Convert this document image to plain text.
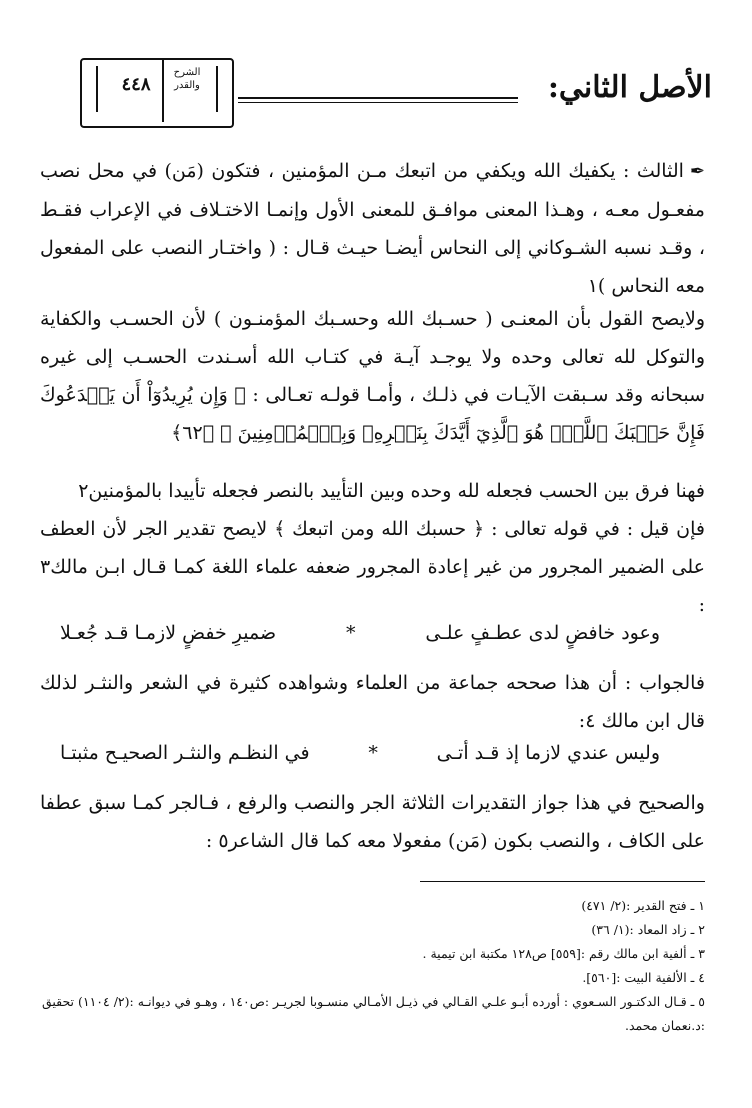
الأصل الثاني:
٤٤٨
الشرح والقدر

✒الثالث : يكفيك الله ويكفي من اتبعك مـن المؤمنين ، فتكون (مَن) في محل نصب مفعـول معـه ، وهـذا المعنى موافـق للمعنى الأول وإنمـا الاختـلاف في الإعراب فقـط ، وقـد نسبه الشـوكاني إلى النحاس أيضـا حيـث قـال : ( واختـار النصب على المفعول معه النحاس )١

ولايصح القول بأن المعنـى ( حسـبك الله وحسـبك المؤمنـون ) لأن الحسـب والكفاية والتوكل لله تعالى وحده ولا يوجـد آيـة في كتـاب الله أسـندت الحسـب إلى غيره سبحانه وقد سـبقت الآيـات في ذلـك ، وأمـا قولـه تعـالى : ﴿ وَإِن يُرِيدُوٓاْ أَن يَخۡدَعُوكَ فَإِنَّ حَسۡبَكَ ٱللَّهُۚ هُوَ ٱلَّذِيٓ أَيَّدَكَ بِنَصۡرِهِۦ وَبِٱلۡمُؤۡمِنِينَ ﴾ ﴿٦٢﴾

فهنا فرق بين الحسب فجعله لله وحده وبين التأييد بالنصر فجعله تأييدا بالمؤمنين٢

فإن قيل : في قوله تعالى : ﴿ حسبك الله ومن اتبعك ﴾ لايصح تقدير الجر لأن العطف على الضمير المجرور من غير إعادة المجرور ضعفه علماء اللغة كمـا قـال ابـن مالك٣ :

وعود خافضٍ لدى عطـفٍ علـى
*
ضميرِ خفضٍ لازمـا قـد جُعـلا

فالجواب : أن هذا صححه جماعة من العلماء وشواهده كثيرة في الشعر والنثـر لذلك قال ابن مالك ٤:

وليس عندي لازما إذ قـد أتـى
*
في النظـم والنثـر الصحيـح مثبتـا

والصحيح في هذا جواز التقديرات الثلاثة الجر والنصب والرفع ، فـالجر كمـا سبق عطفا على الكاف ، والنصب بكون (مَن) مفعولا معه كما قال الشاعر٥ :

١ ـ فتح القدير :(٢/ ٤٧١)
٢ ـ زاد المعاد :(١/ ٣٦)
٣ ـ ألفية ابن مالك رقم :[٥٥٩] ص١٢٨ مكتبة ابن تيمية .
٤ ـ الألفية البيت :[٥٦٠].
٥ ـ قـال الدكتـور السـعوي : أورده أبـو علـي القـالي في ذيـل الأمـالي منسـوبا لجريـر :ص١٤٠ ، وهـو في ديوانـه :(٢/ ١١٠٤) تحقيق :د.نعمان محمد.
